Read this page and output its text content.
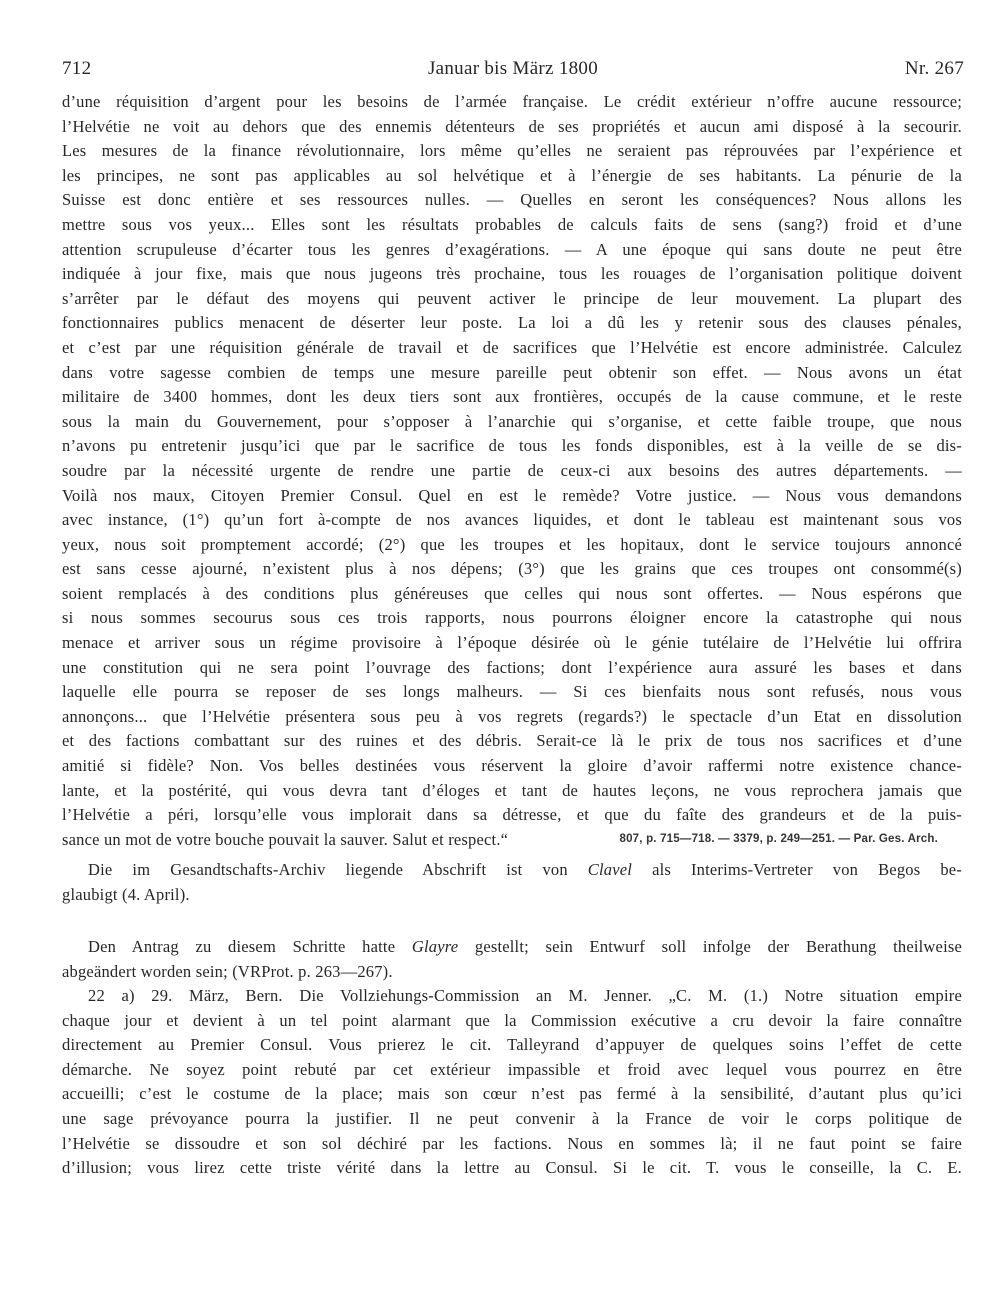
712	Januar bis März 1800	Nr. 267
d’une réquisition d’argent pour les besoins de l’armée française. Le crédit extérieur n’offre aucune ressource;
l’Helvétie ne voit au dehors que des ennemis détenteurs de ses propriétés et aucun ami disposé à la secourir.
Les mesures de la finance révolutionnaire, lors même qu’elles ne seraient pas réprouvées par l’expérience et
les principes, ne sont pas applicables au sol helvétique et à l’énergie de ses habitants. La pénurie de la
Suisse est donc entière et ses ressources nulles. — Quelles en seront les conséquences? Nous allons les
mettre sous vos yeux... Elles sont les résultats probables de calculs faits de sens (sang?) froid et d’une
attention scrupuleuse d’écarter tous les genres d’exagérations. — A une époque qui sans doute ne peut être
indiquée à jour fixe, mais que nous jugeons très prochaine, tous les rouages de l’organisation politique doivent
s’arrêter par le défaut des moyens qui peuvent activer le principe de leur mouvement. La plupart des
fonctionnaires publics menacent de déserter leur poste. La loi a dû les y retenir sous des clauses pénales,
et c’est par une réquisition générale de travail et de sacrifices que l’Helvétie est encore administrée. Calculez
dans votre sagesse combien de temps une mesure pareille peut obtenir son effet. — Nous avons un état
militaire de 3400 hommes, dont les deux tiers sont aux frontières, occupés de la cause commune, et le reste
sous la main du Gouvernement, pour s’opposer à l’anarchie qui s’organise, et cette faible troupe, que nous
n’avons pu entretenir jusqu’ici que par le sacrifice de tous les fonds disponibles, est à la veille de se dis-
soudre par la nécessité urgente de rendre une partie de ceux-ci aux besoins des autres départements. —
Voilà nos maux, Citoyen Premier Consul. Quel en est le remède? Votre justice. — Nous vous demandons
avec instance, (1°) qu’un fort à-compte de nos avances liquides, et dont le tableau est maintenant sous vos
yeux, nous soit promptement accordé; (2°) que les troupes et les hopitaux, dont le service toujours annoncé
est sans cesse ajourné, n’existent plus à nos dépens; (3°) que les grains que ces troupes ont consommé(s)
soient remplacés à des conditions plus généreuses que celles qui nous sont offertes. — Nous espérons que
si nous sommes secourus sous ces trois rapports, nous pourrons éloigner encore la catastrophe qui nous
menace et arriver sous un régime provisoire à l’époque désirée où le génie tutélaire de l’Helvétie lui offrira
une constitution qui ne sera point l’ouvrage des factions; dont l’expérience aura assuré les bases et dans
laquelle elle pourra se reposer de ses longs malheurs. — Si ces bienfaits nous sont refusés, nous vous
annonçons... que l’Helvétie présentera sous peu à vos regrets (regards?) le spectacle d’un Etat en dissolution
et des factions combattant sur des ruines et des débris. Serait-ce là le prix de tous nos sacrifices et d’une
amitié si fidèle? Non. Vos belles destinées vous réservent la gloire d’avoir raffermi notre existence chance-
lante, et la postérité, qui vous devra tant d’éloges et tant de hautes leçons, ne vous reprochera jamais que
l’Helvétie a péri, lorsqu’elle vous implorait dans sa détresse, et que du faîte des grandeurs et de la puis-
sance un mot de votre bouche pouvait la sauver. Salut et respect.“	807, p. 715—718. — 3379, p. 249—251. — Par. Ges. Arch.
Die im Gesandtschafts-Archiv liegende Abschrift ist von Clavel als Interims-Vertreter von Begos be-
glaubigt (4. April).
Den Antrag zu diesem Schritte hatte Glayre gestellt; sein Entwurf soll infolge der Berathung theilweise
abgeändert worden sein; (VRProt. p. 263—267).
22 a) 29. März, Bern. Die Vollziehungs-Commission an M. Jenner. „C. M. (1.) Notre situation empire
chaque jour et devient à un tel point alarmant que la Commission exécutive a cru devoir la faire connaître
directement au Premier Consul. Vous prierez le cit. Talleyrand d’appuyer de quelques soins l’effet de cette
démarche. Ne soyez point rebuté par cet extérieur impassible et froid avec lequel vous pourrez en être
accueilli; c’est le costume de la place; mais son cœur n’est pas fermé à la sensibilité, d’autant plus qu’ici
une sage prévoyance pourra la justifier. Il ne peut convenir à la France de voir le corps politique de
l’Helvétie se dissoudre et son sol déchiré par les factions. Nous en sommes là; il ne faut point se faire
d’illusion; vous lirez cette triste vérité dans la lettre au Consul. Si le cit. T. vous le conseille, la C. E.
